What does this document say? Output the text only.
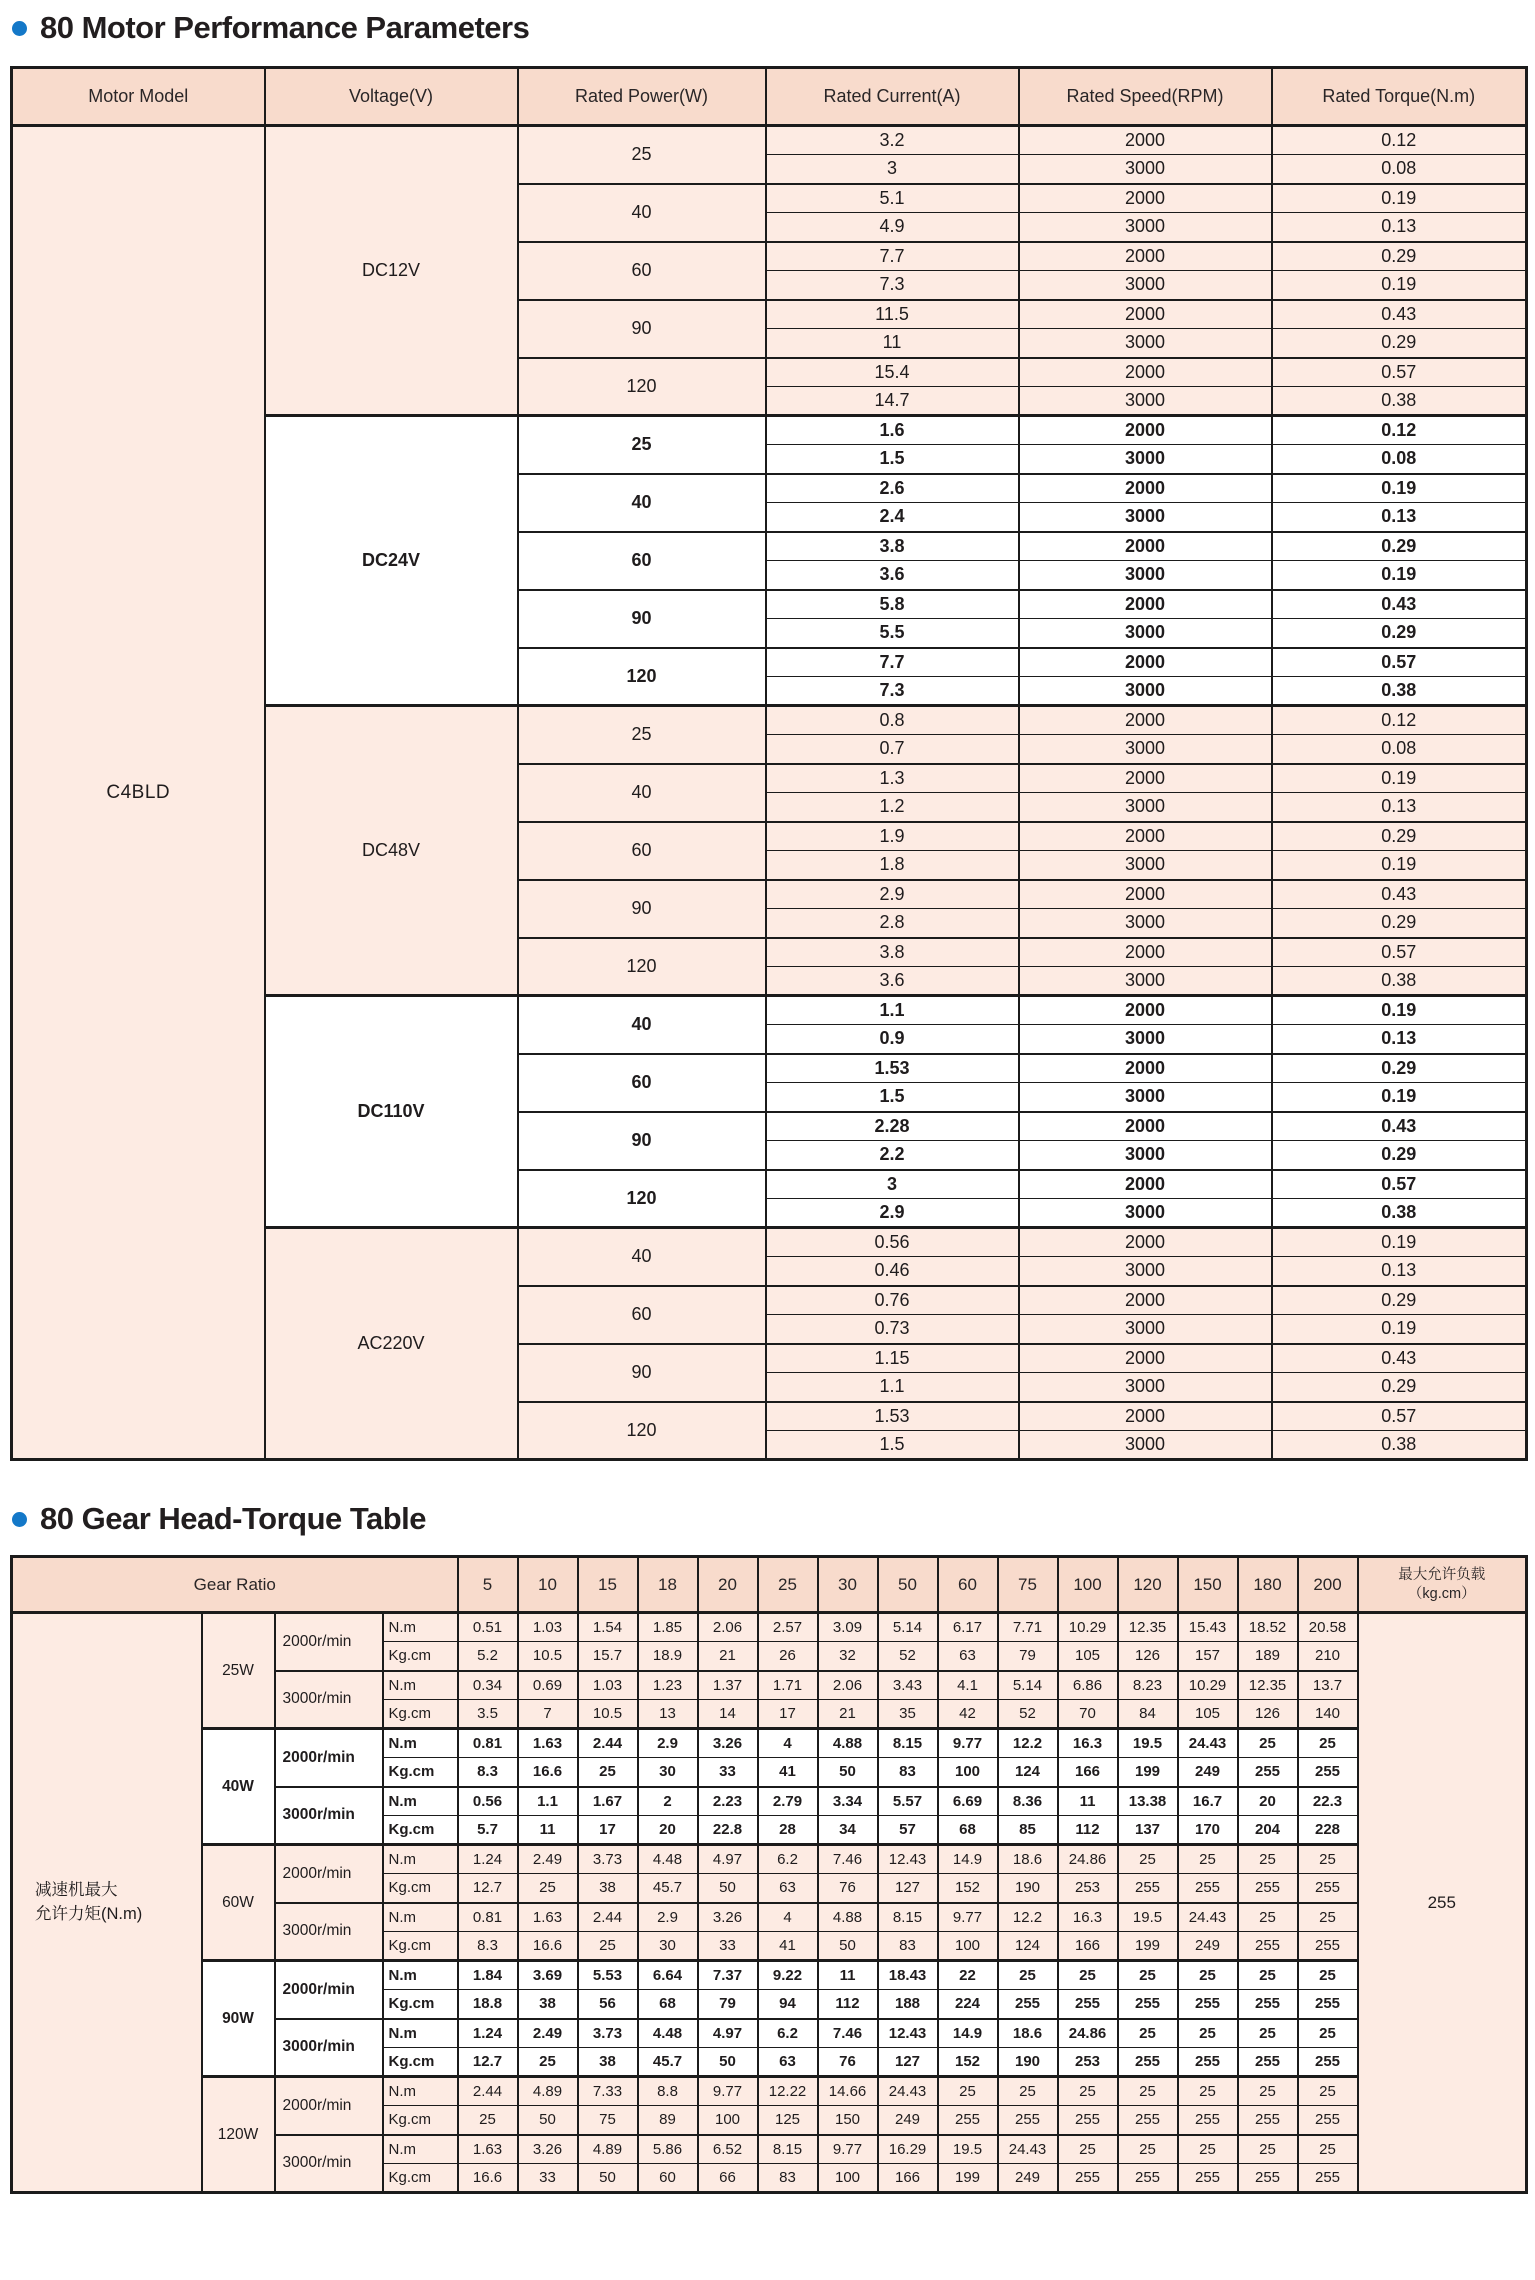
80 Motor Performance Parameters
Motor Model	Voltage(V)	Rated Power(W)	Rated Current(A)	Rated Speed(RPM)	Rated Torque(N.m)
C4BLD	DC12V	25	3.2	2000	0.12
			3	3000	0.08
		40	5.1	2000	0.19
			4.9	3000	0.13
		60	7.7	2000	0.29
			7.3	3000	0.19
		90	11.5	2000	0.43
			11	3000	0.29
		120	15.4	2000	0.57
			14.7	3000	0.38
	DC24V	25	1.6	2000	0.12
			1.5	3000	0.08
		40	2.6	2000	0.19
			2.4	3000	0.13
		60	3.8	2000	0.29
			3.6	3000	0.19
		90	5.8	2000	0.43
			5.5	3000	0.29
		120	7.7	2000	0.57
			7.3	3000	0.38
	DC48V	25	0.8	2000	0.12
			0.7	3000	0.08
		40	1.3	2000	0.19
			1.2	3000	0.13
		60	1.9	2000	0.29
			1.8	3000	0.19
		90	2.9	2000	0.43
			2.8	3000	0.29
		120	3.8	2000	0.57
			3.6	3000	0.38
	DC110V	40	1.1	2000	0.19
			0.9	3000	0.13
		60	1.53	2000	0.29
			1.5	3000	0.19
		90	2.28	2000	0.43
			2.2	3000	0.29
		120	3	2000	0.57
			2.9	3000	0.38
	AC220V	40	0.56	2000	0.19
			0.46	3000	0.13
		60	0.76	2000	0.29
			0.73	3000	0.19
		90	1.15	2000	0.43
			1.1	3000	0.29
		120	1.53	2000	0.57
			1.5	3000	0.38
80 Gear Head-Torque Table
Gear Ratio				5	10	15	18	20	25	30	50	60	75	100	120	150	180	200	最大允许负载
（kg.cm）

减速机最大
允许力矩(N.m)	25W	2000r/min	N.m	0.51	1.03	1.54	1.85	2.06	2.57	3.09	5.14	6.17	7.71	10.29	12.35	15.43	18.52	20.58	255
			Kg.cm	5.2	10.5	15.7	18.9	21	26	32	52	63	79	105	126	157	189	210	
		3000r/min	N.m	0.34	0.69	1.03	1.23	1.37	1.71	2.06	3.43	4.1	5.14	6.86	8.23	10.29	12.35	13.7	
			Kg.cm	3.5	7	10.5	13	14	17	21	35	42	52	70	84	105	126	140	
	40W	2000r/min	N.m	0.81	1.63	2.44	2.9	3.26	4	4.88	8.15	9.77	12.2	16.3	19.5	24.43	25	25	
			Kg.cm	8.3	16.6	25	30	33	41	50	83	100	124	166	199	249	255	255	
		3000r/min	N.m	0.56	1.1	1.67	2	2.23	2.79	3.34	5.57	6.69	8.36	11	13.38	16.7	20	22.3	
			Kg.cm	5.7	11	17	20	22.8	28	34	57	68	85	112	137	170	204	228	
	60W	2000r/min	N.m	1.24	2.49	3.73	4.48	4.97	6.2	7.46	12.43	14.9	18.6	24.86	25	25	25	25	
			Kg.cm	12.7	25	38	45.7	50	63	76	127	152	190	253	255	255	255	255	
		3000r/min	N.m	0.81	1.63	2.44	2.9	3.26	4	4.88	8.15	9.77	12.2	16.3	19.5	24.43	25	25	
			Kg.cm	8.3	16.6	25	30	33	41	50	83	100	124	166	199	249	255	255	
	90W	2000r/min	N.m	1.84	3.69	5.53	6.64	7.37	9.22	11	18.43	22	25	25	25	25	25	25	
			Kg.cm	18.8	38	56	68	79	94	112	188	224	255	255	255	255	255	255	
		3000r/min	N.m	1.24	2.49	3.73	4.48	4.97	6.2	7.46	12.43	14.9	18.6	24.86	25	25	25	25	
			Kg.cm	12.7	25	38	45.7	50	63	76	127	152	190	253	255	255	255	255	
	120W	2000r/min	N.m	2.44	4.89	7.33	8.8	9.77	12.22	14.66	24.43	25	25	25	25	25	25	25	
			Kg.cm	25	50	75	89	100	125	150	249	255	255	255	255	255	255	255	
		3000r/min	N.m	1.63	3.26	4.89	5.86	6.52	8.15	9.77	16.29	19.5	24.43	25	25	25	25	25	
			Kg.cm	16.6	33	50	60	66	83	100	166	199	249	255	255	255	255	255	
